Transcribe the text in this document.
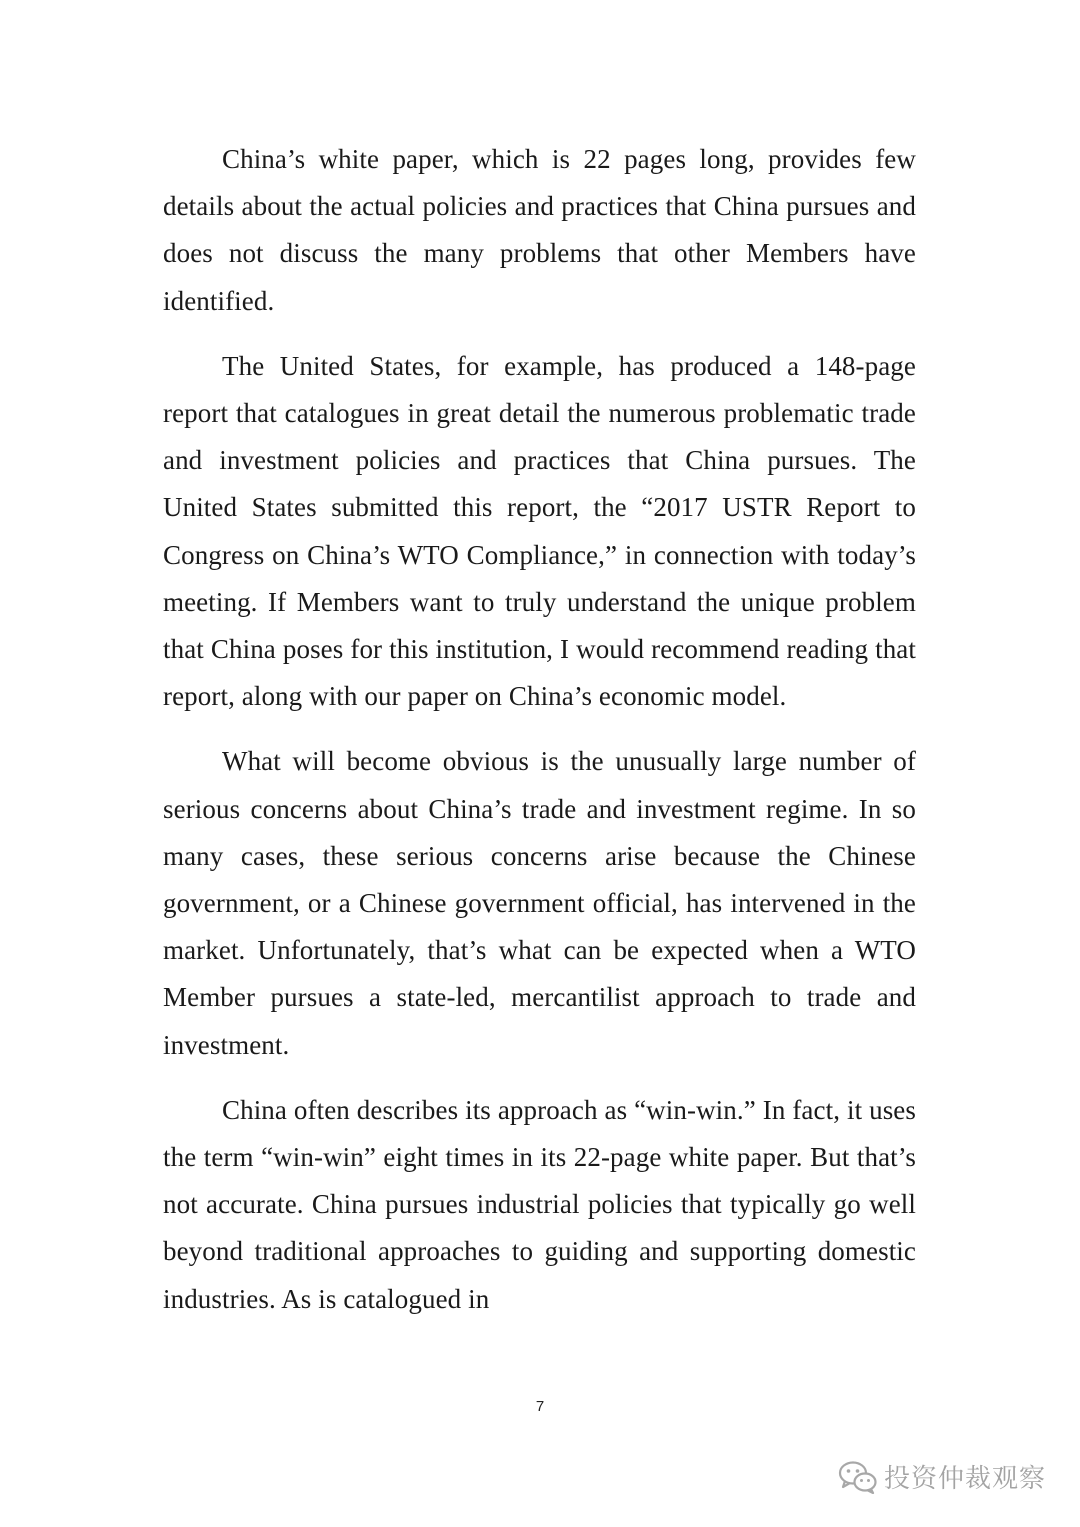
China’s white paper, which is 22 pages long, provides few details about the actual policies and practices that China pursues and does not discuss the many problems that other Members have identified.

The United States, for example, has produced a 148-page report that catalogues in great detail the numerous problematic trade and investment policies and practices that China pursues. The United States submitted this report, the “2017 USTR Report to Congress on China’s WTO Compliance,” in connection with today’s meeting. If Members want to truly understand the unique problem that China poses for this institution, I would recommend reading that report, along with our paper on China’s economic model.

What will become obvious is the unusually large number of serious concerns about China’s trade and investment regime. In so many cases, these serious concerns arise because the Chinese government, or a Chinese government official, has intervened in the market. Unfortunately, that’s what can be expected when a WTO Member pursues a state-led, mercantilist approach to trade and investment.

China often describes its approach as “win-win.” In fact, it uses the term “win-win” eight times in its 22-page white paper. But that’s not accurate. China pursues industrial policies that typically go well beyond traditional approaches to guiding and supporting domestic industries. As is catalogued in

7
投资仲裁观察
